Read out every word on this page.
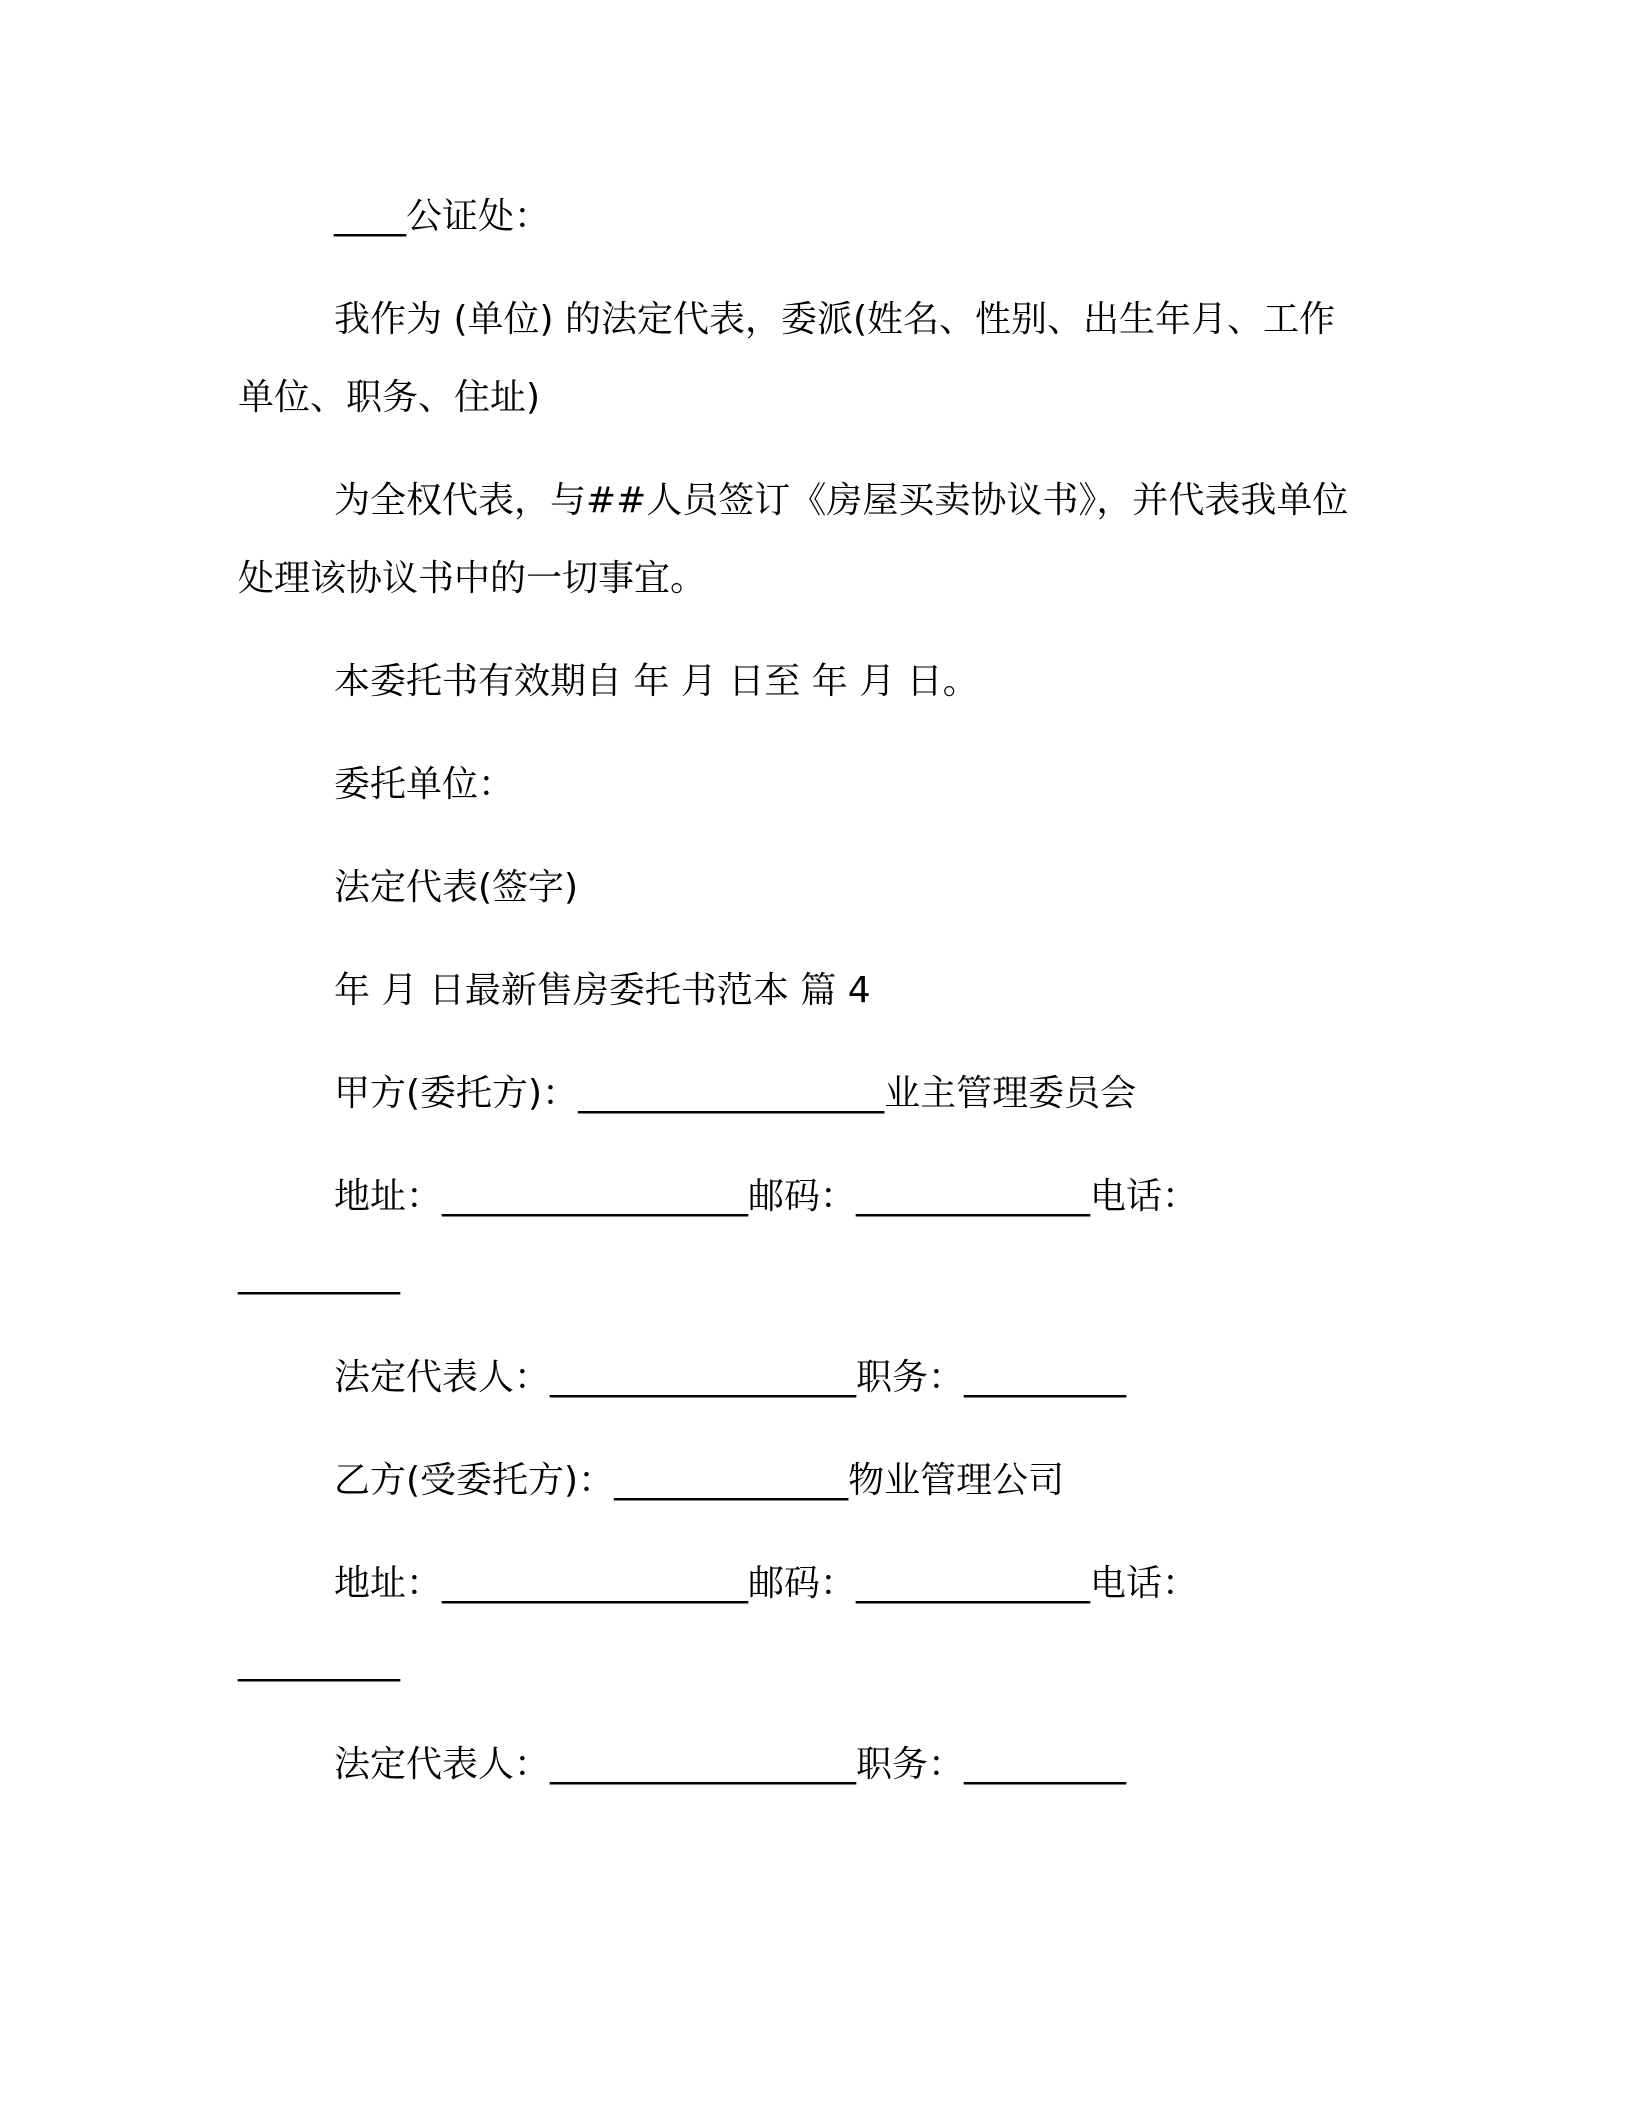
____公证处：

我作为 (单位) 的法定代表，委派(姓名、性别、出生年月、工作

单位、职务、住址)

为全权代表，与##人员签订《房屋买卖协议书》，并代表我单位

处理该协议书中的一切事宜。

本委托书有效期自 年 月 日至 年 月 日。

委托单位：

法定代表(签字)

年 月 日最新售房委托书范本 篇 4

甲方(委托方)：_________________业主管理委员会

地址：_________________邮码：_____________电话：

_________

法定代表人：_________________职务：_________

乙方(受委托方)：_____________物业管理公司

地址：_________________邮码：_____________电话：

_________

法定代表人：_________________职务：_________
